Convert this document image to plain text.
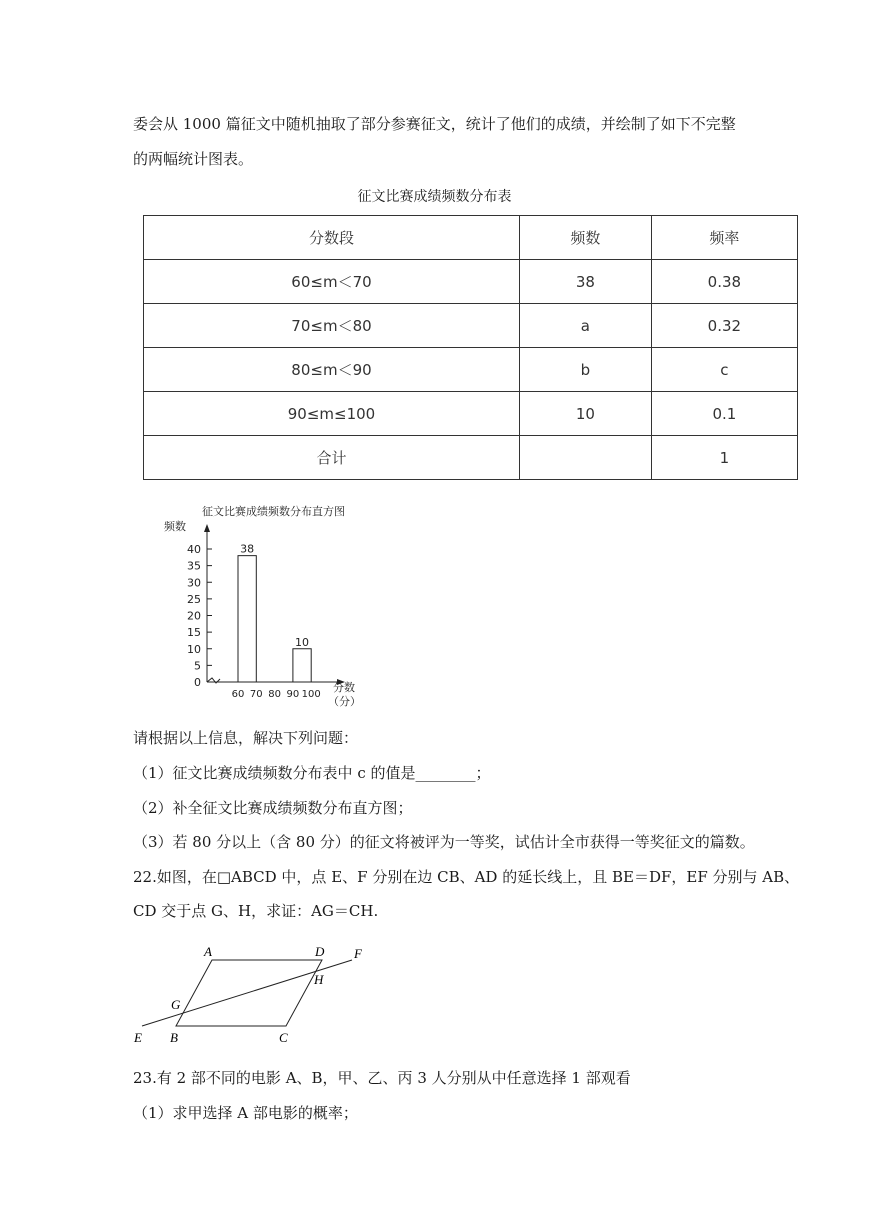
委会从 1000 篇征文中随机抽取了部分参赛征文，统计了他们的成绩，并绘制了如下不完整
的两幅统计图表。
征文比赛成绩频数分布表
分数段	频数	频率
60≤m＜70	38	0.38
70≤m＜80	a	0.32
80≤m＜90	b	c
90≤m≤100	10	0.1
合计		1
征文比赛成绩频数分布直方图
频数
0
5
10
15
20
25
30
35
40
60 70 80 90 100
38
10
分数
（分）
请根据以上信息，解决下列问题：
（1）征文比赛成绩频数分布表中 c 的值是________；
（2）补全征文比赛成绩频数分布直方图；
（3）若 80 分以上（含 80 分）的征文将被评为一等奖，试估计全市获得一等奖征文的篇数。
22.如图，在□ABCD 中，点 E、F 分别在边 CB、AD 的延长线上，且 BE＝DF，EF 分别与 AB、
CD 交于点 G、H，求证：AG＝CH.
A	D F
H
G
E B	C
23.有 2 部不同的电影 A、B，甲、乙、丙 3 人分别从中任意选择 1 部观看
（1）求甲选择 A 部电影的概率；
